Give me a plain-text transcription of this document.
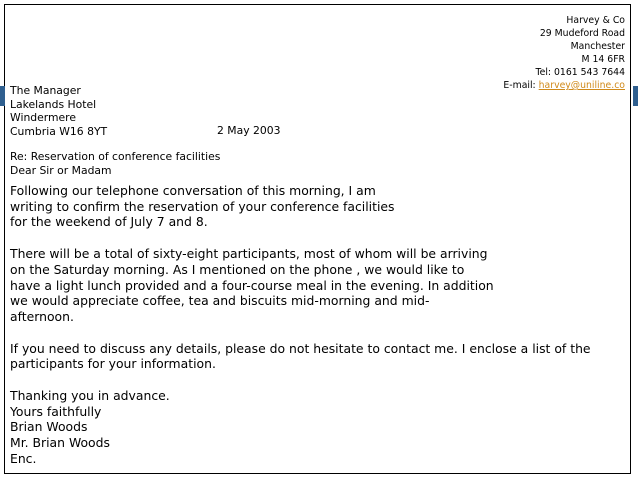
Harvey & Co
29 Mudeford Road
Manchester
M 14 6FR
Tel: 0161 543 7644
E-mail: harvey@uniline.co
The Manager
Lakelands Hotel
Windermere
Cumbria W16 8YT	2 May 2003
Re: Reservation of conference facilities
Dear Sir or Madam

Following our telephone conversation of this morning, I am
writing to confirm the reservation of your conference facilities
for the weekend of July 7 and 8.

There will be a total of sixty-eight participants, most of whom will be arriving
on the Saturday morning. As I mentioned on the phone , we would like to
have a light lunch provided and a four-course meal in the evening. In addition
we would appreciate coffee, tea and biscuits mid-morning and mid-
afternoon.

If you need to discuss any details, please do not hesitate to contact me. I enclose a list of the
participants for your information.

Thanking you in advance.
Yours faithfully
Brian Woods
Mr. Brian Woods
Enc.
